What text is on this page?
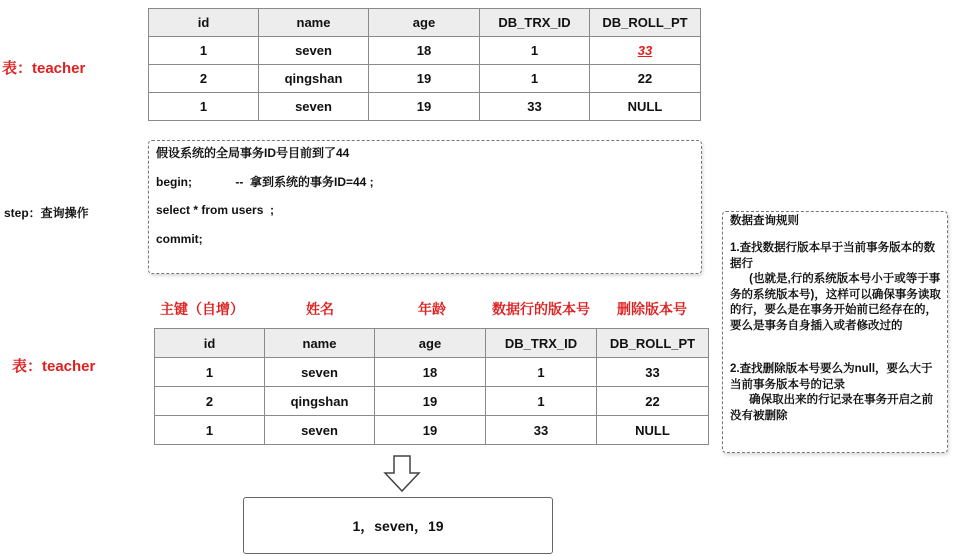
id	name	age	DB_TRX_ID	DB_ROLL_PT
1	seven	18	1	33
2	qingshan	19	1	22
1	seven	19	33	NULL
表：teacher
step：查询操作
假设系统的全局事务ID号目前到了44
begin;             --  拿到系统的事务ID=44 ;
select * from users  ;
commit;
主键（自增）	姓名	年龄	数据行的版本号 删除版本号
表：teacher
id	name	age	DB_TRX_ID	DB_ROLL_PT
1	seven	18	1	33
2	qingshan	19	1	22
1	seven	19	33	NULL
1，seven，19
数据查询规则
1.查找数据行版本早于当前事务版本的数据行
(也就是,行的系统版本号小于或等于事务的系统版本号)，这样可以确保事务读取的行，要么是在事务开始前已经存在的，要么是事务自身插入或者修改过的
2.查找删除版本号要么为null，要么大于当前事务版本号的记录
确保取出来的行记录在事务开启之前没有被删除
